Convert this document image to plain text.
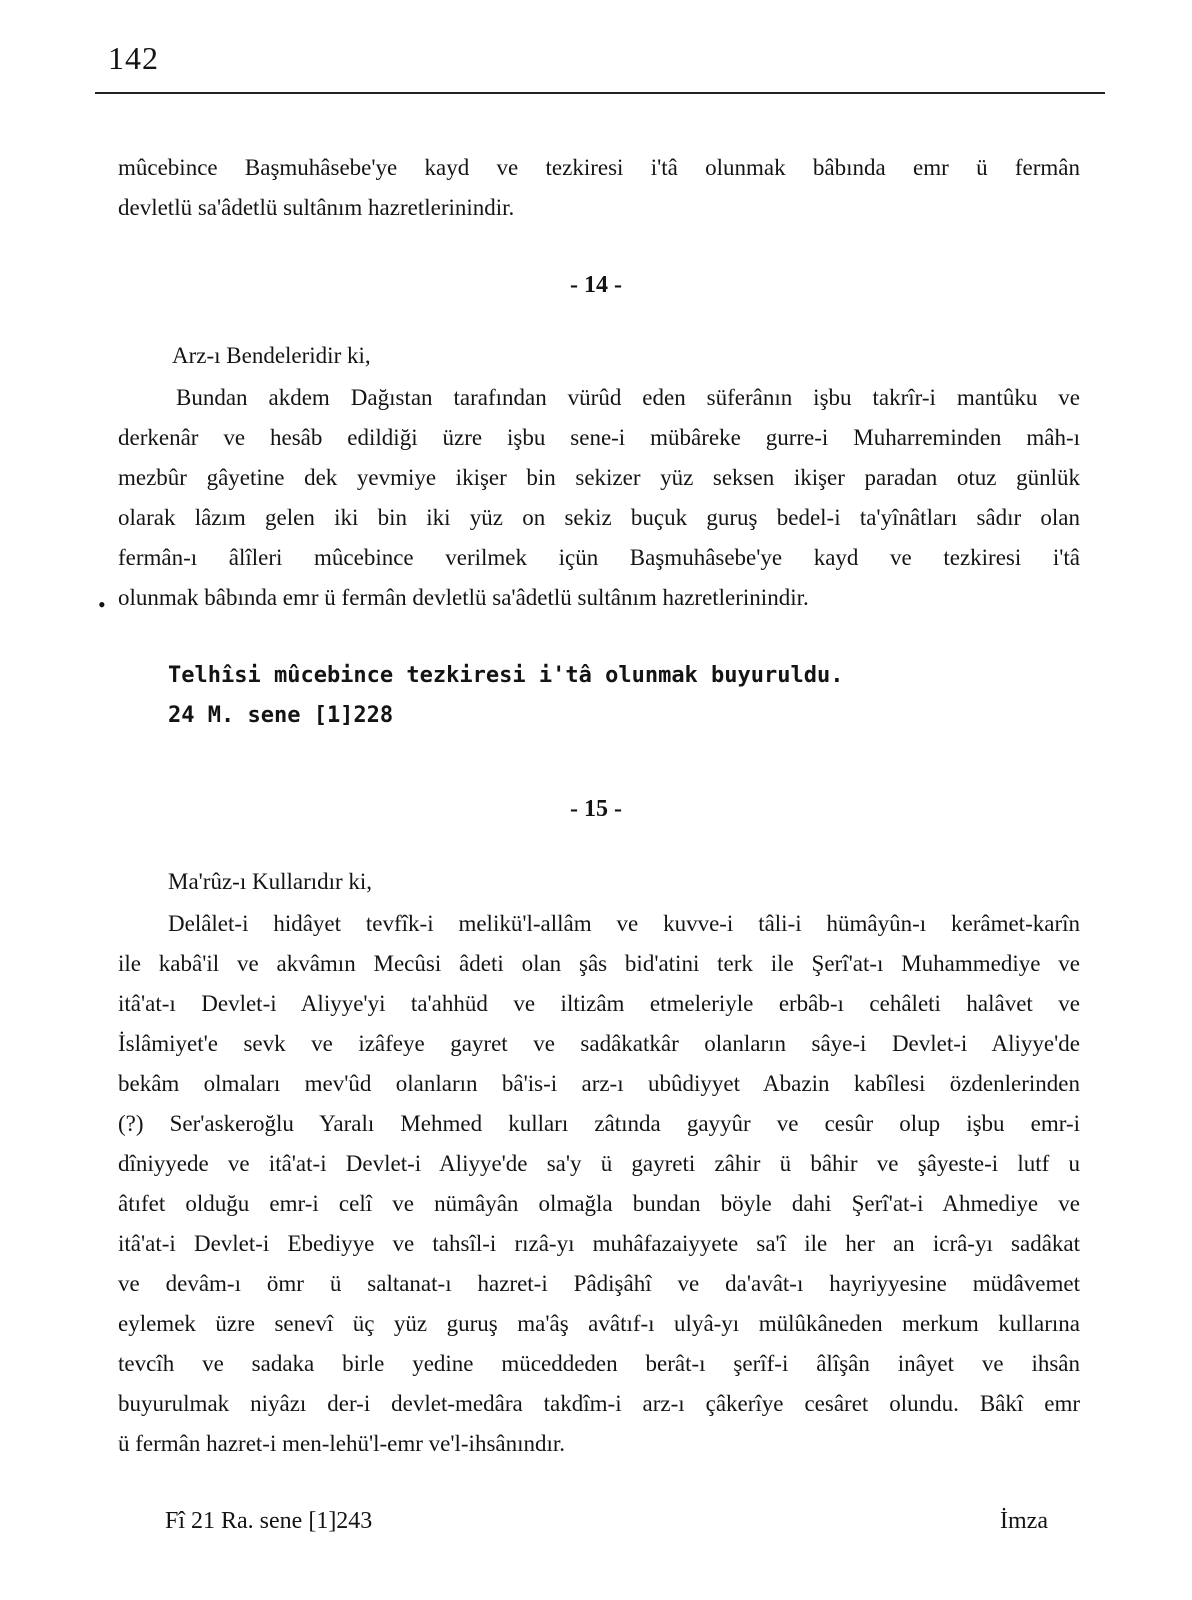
142
mûcebince Başmuhâsebe'ye kayd ve tezkiresi i'tâ olunmak bâbında emr ü fermân
devletlü sa'âdetlü sultânım hazretlerinindir.
- 14 -
Arz-ı Bendeleridir ki,
Bundan akdem Dağıstan tarafından vürûd eden süferânın işbu takrîr-i mantûku ve
derkenâr ve hesâb edildiği üzre işbu sene-i mübâreke gurre-i Muharreminden mâh-ı
mezbûr gâyetine dek yevmiye ikişer bin sekizer yüz seksen ikişer paradan otuz günlük
olarak lâzım gelen iki bin iki yüz on sekiz buçuk guruş bedel-i ta'yînâtları sâdır olan
fermân-ı âlîleri mûcebince verilmek içün Başmuhâsebe'ye kayd ve tezkiresi i'tâ
olunmak bâbında emr ü fermân devletlü sa'âdetlü sultânım hazretlerinindir.
•
Telhîsi mûcebince tezkiresi i'tâ olunmak buyuruldu.
24 M. sene [1]228
- 15 -
Ma'rûz-ı Kullarıdır ki,
Delâlet-i hidâyet tevfîk-i melikü'l-allâm ve kuvve-i tâli-i hümâyûn-ı kerâmet-karîn
ile kabâ'il ve akvâmın Mecûsi âdeti olan şâs bid'atini terk ile Şerî'at-ı Muhammediye ve
itâ'at-ı Devlet-i Aliyye'yi ta'ahhüd ve iltizâm etmeleriyle erbâb-ı cehâleti halâvet ve
İslâmiyet'e sevk ve izâfeye gayret ve sadâkatkâr olanların sâye-i Devlet-i Aliyye'de
bekâm olmaları mev'ûd olanların bâ'is-i arz-ı ubûdiyyet Abazin kabîlesi özdenlerinden
(?) Ser'askeroğlu Yaralı Mehmed kulları zâtında gayyûr ve cesûr olup işbu emr-i
dîniyyede ve itâ'at-i Devlet-i Aliyye'de sa'y ü gayreti zâhir ü bâhir ve şâyeste-i lutf u
âtıfet olduğu emr-i celî ve nümâyân olmağla bundan böyle dahi Şerî'at-i Ahmediye ve
itâ'at-i Devlet-i Ebediyye ve tahsîl-i rızâ-yı muhâfazaiyyete sa'î ile her an icrâ-yı sadâkat
ve devâm-ı ömr ü saltanat-ı hazret-i Pâdişâhî ve da'avât-ı hayriyyesine müdâvemet
eylemek üzre senevî üç yüz guruş ma'âş avâtıf-ı ulyâ-yı mülûkâneden merkum kullarına
tevcîh ve sadaka birle yedine müceddeden berât-ı şerîf-i âlîşân inâyet ve ihsân
buyurulmak niyâzı der-i devlet-medâra takdîm-i arz-ı çâkerîye cesâret olundu. Bâkî emr
ü fermân hazret-i men-lehü'l-emr ve'l-ihsânındır.
Fî 21 Ra. sene [1]243	İmza
